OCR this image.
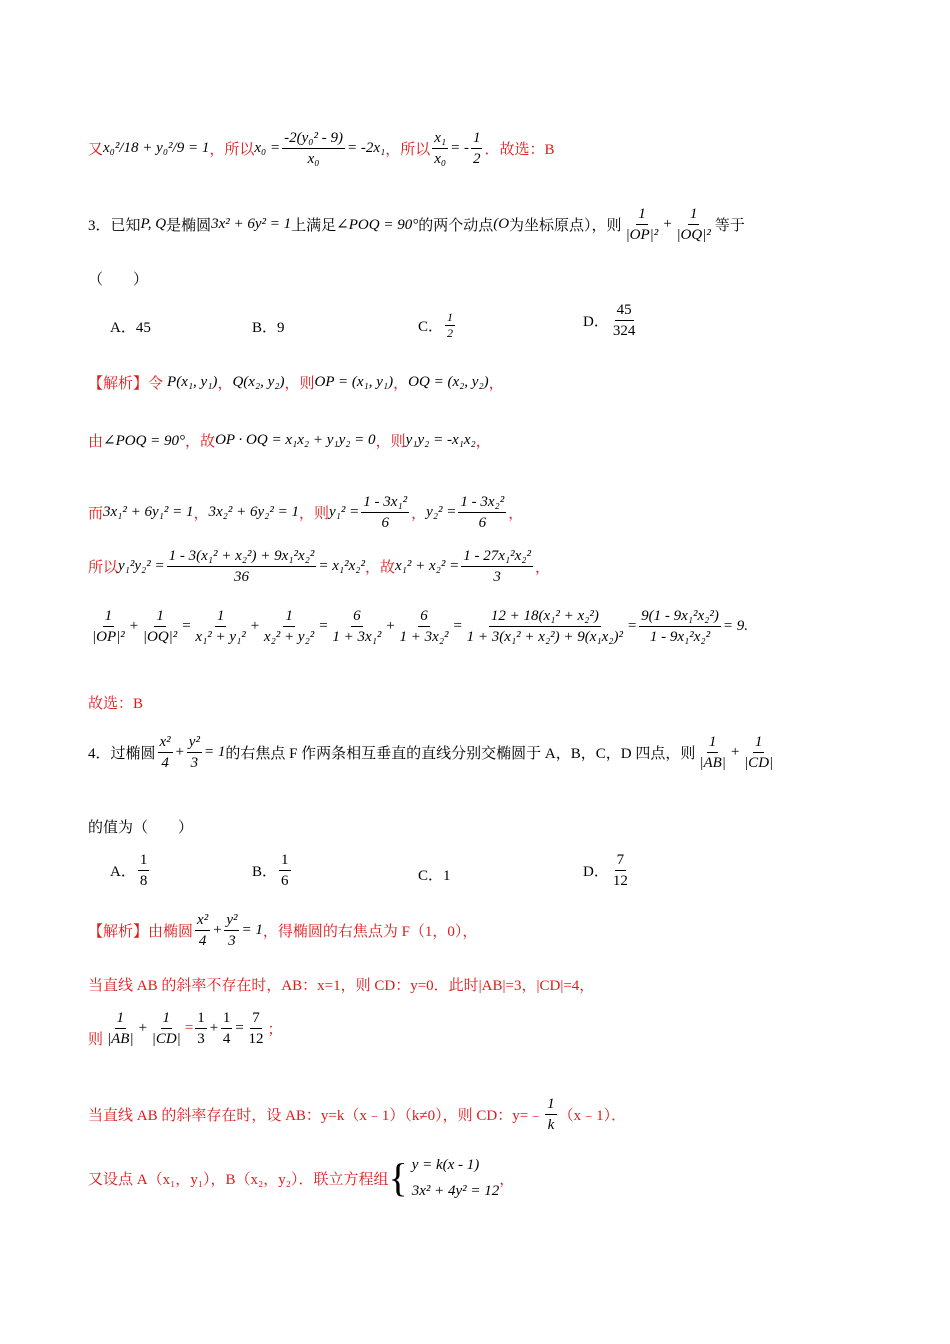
又 x₀²/18 + y₀²/9 = 1 ，所以 $x_0 = \frac{\text{-2(y₀² - 9)}}{\text{x₀}} = -2x_1$ ，所以 $\frac{\text{x₁}}{\text{x₀}}$ = -
1
2
．故选：B
3．已知 P, Q 是椭圆 3x² + 6y² = 1 上满足 ∠POQ = 90° 的两个动点 (O 为坐标原点），则
1
|OP|²
+ $\frac{1}{\text{|OQ|²}}$ 等于
（　　）
A．45	B．9	C．
1
2
D．
45
324
【解析】 令 P(x₁, y₁) ， Q(x₂, y₂) ，则 OP = (x₁, y₁) ， OQ = (x₂, y₂) ，
由 ∠POQ = 90° ，故 OP · OQ = x₁x₂ + y₁y₂ = 0 ，则 y₁y₂ = -x₁x₂ ，
而 3x₁² + 6y₁² = 1 ， 3x₂² + 6y₂² = 1 ，则 $y_1^2 = \frac{\text{1 - 3x₁²}}{6}$ ， $y_2^2 = \frac{\text{1 - 3x₂²}}{6}$ ，
所以 $y_1^2y_2^2 = \frac{\text{1 - 3(x₁² + x₂²) + 9x₁²x₂²}}{36} = x_1^2x_2^2$ ，故 $x_1^2 + x_2^2 = \frac{\text{1 - 27x₁²x₂²}}{3}$ ，
1
|OP|²
+ $\frac{1}{\text{|OQ|²}} = \frac{1}{\text{x₁² + y₁²}} + \frac{1}{\text{x₂² + y₂²}} = \frac{6}{\text{1 + 3x₁²}} + \frac{6}{\text{1 + 3x₂²}} = \frac{\text{12 + 18(x₁² + x₂²)}}{\text{1 + 3(x₁² + x₂²) + 9(x₁x₂)²}} = \frac{\text{9(1 - 9x₁²x₂²)}}{\text{1 - 9x₁²x₂²}} = 9$ .
故选：B
4．过椭圆
x²
4
+ $\frac{\text{y²}}{3} = 1$ 的右焦点 F 作两条相互垂直的直线分别交椭圆于 A，B，C，D 四点，则
1
|AB|
+ $\frac{1}{|CD|}$
的值为（　　）
A．
1
8
B．
1
6	C．1	D．
7
12
【解析】 由椭圆
x²
4
+ $\frac{\text{y²}}{3} = 1$ ，得椭圆的右焦点为 F（1，0），
当直线 AB 的斜率不存在时，AB：x=1，则 CD：y=0．此时|AB|=3，|CD|=4，
则
1
|AB|
+ $\frac{1}{|CD|} = \frac{1}{3} + \frac{1}{4} = \frac{7}{12}$ ；
当直线 AB 的斜率存在时，设 AB：y=k（x﹣1）（k≠0），则 CD：y=﹣
1
k
（x﹣1）．
又设点 A（x₁，y₁），B（x₂，y₂）．联立方程组 { y = k(x - 1)
3x² + 4y² = 12
，
